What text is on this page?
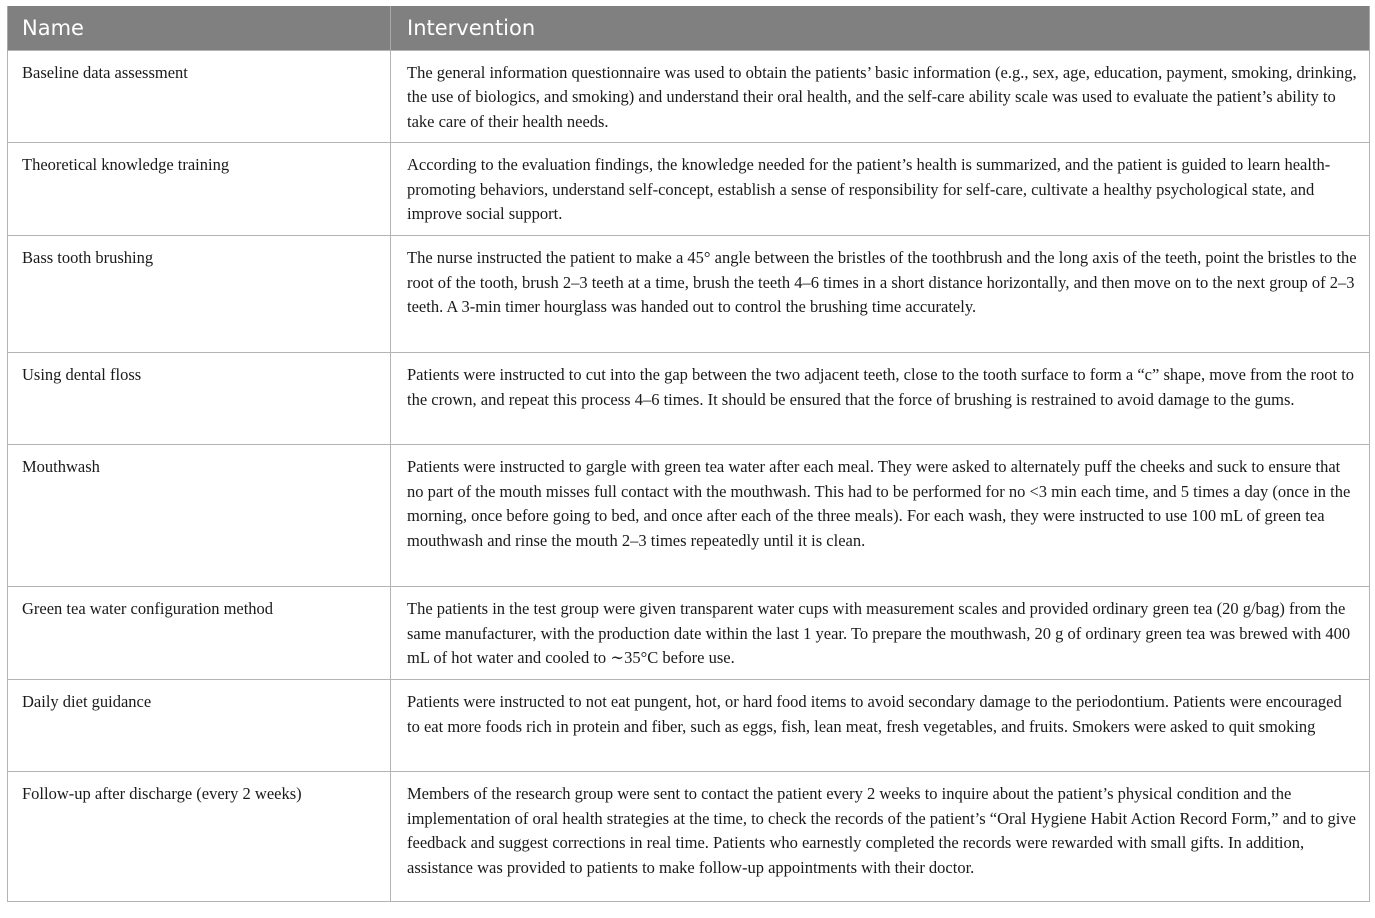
Name	Intervention
Baseline data assessment	The general information questionnaire was used to obtain the patients’ basic information (e.g., sex, age, education, payment, smoking, drinking, the use of biologics, and smoking) and understand their oral health, and the self-care ability scale was used to evaluate the patient’s ability to take care of their health needs.
Theoretical knowledge training	According to the evaluation findings, the knowledge needed for the patient’s health is summarized, and the patient is guided to learn health-promoting behaviors, understand self-concept, establish a sense of responsibility for self-care, cultivate a healthy psychological state, and improve social support.
Bass tooth brushing	The nurse instructed the patient to make a 45° angle between the bristles of the toothbrush and the long axis of the teeth, point the bristles to the root of the tooth, brush 2–3 teeth at a time, brush the teeth 4–6 times in a short distance horizontally, and then move on to the next group of 2–3 teeth. A 3-min timer hourglass was handed out to control the brushing time accurately.
Using dental floss	Patients were instructed to cut into the gap between the two adjacent teeth, close to the tooth surface to form a “c” shape, move from the root to the crown, and repeat this process 4–6 times. It should be ensured that the force of brushing is restrained to avoid damage to the gums.
Mouthwash	Patients were instructed to gargle with green tea water after each meal. They were asked to alternately puff the cheeks and suck to ensure that no part of the mouth misses full contact with the mouthwash. This had to be performed for no <3 min each time, and 5 times a day (once in the morning, once before going to bed, and once after each of the three meals). For each wash, they were instructed to use 100 mL of green tea mouthwash and rinse the mouth 2–3 times repeatedly until it is clean.
Green tea water configuration method	The patients in the test group were given transparent water cups with measurement scales and provided ordinary green tea (20 g/bag) from the same manufacturer, with the production date within the last 1 year. To prepare the mouthwash, 20 g of ordinary green tea was brewed with 400 mL of hot water and cooled to ∼35°C before use.
Daily diet guidance	Patients were instructed to not eat pungent, hot, or hard food items to avoid secondary damage to the periodontium. Patients were encouraged to eat more foods rich in protein and fiber, such as eggs, fish, lean meat, fresh vegetables, and fruits. Smokers were asked to quit smoking
Follow-up after discharge (every 2 weeks)	Members of the research group were sent to contact the patient every 2 weeks to inquire about the patient’s physical condition and the implementation of oral health strategies at the time, to check the records of the patient’s “Oral Hygiene Habit Action Record Form,” and to give feedback and suggest corrections in real time. Patients who earnestly completed the records were rewarded with small gifts. In addition, assistance was provided to patients to make follow-up appointments with their doctor.
